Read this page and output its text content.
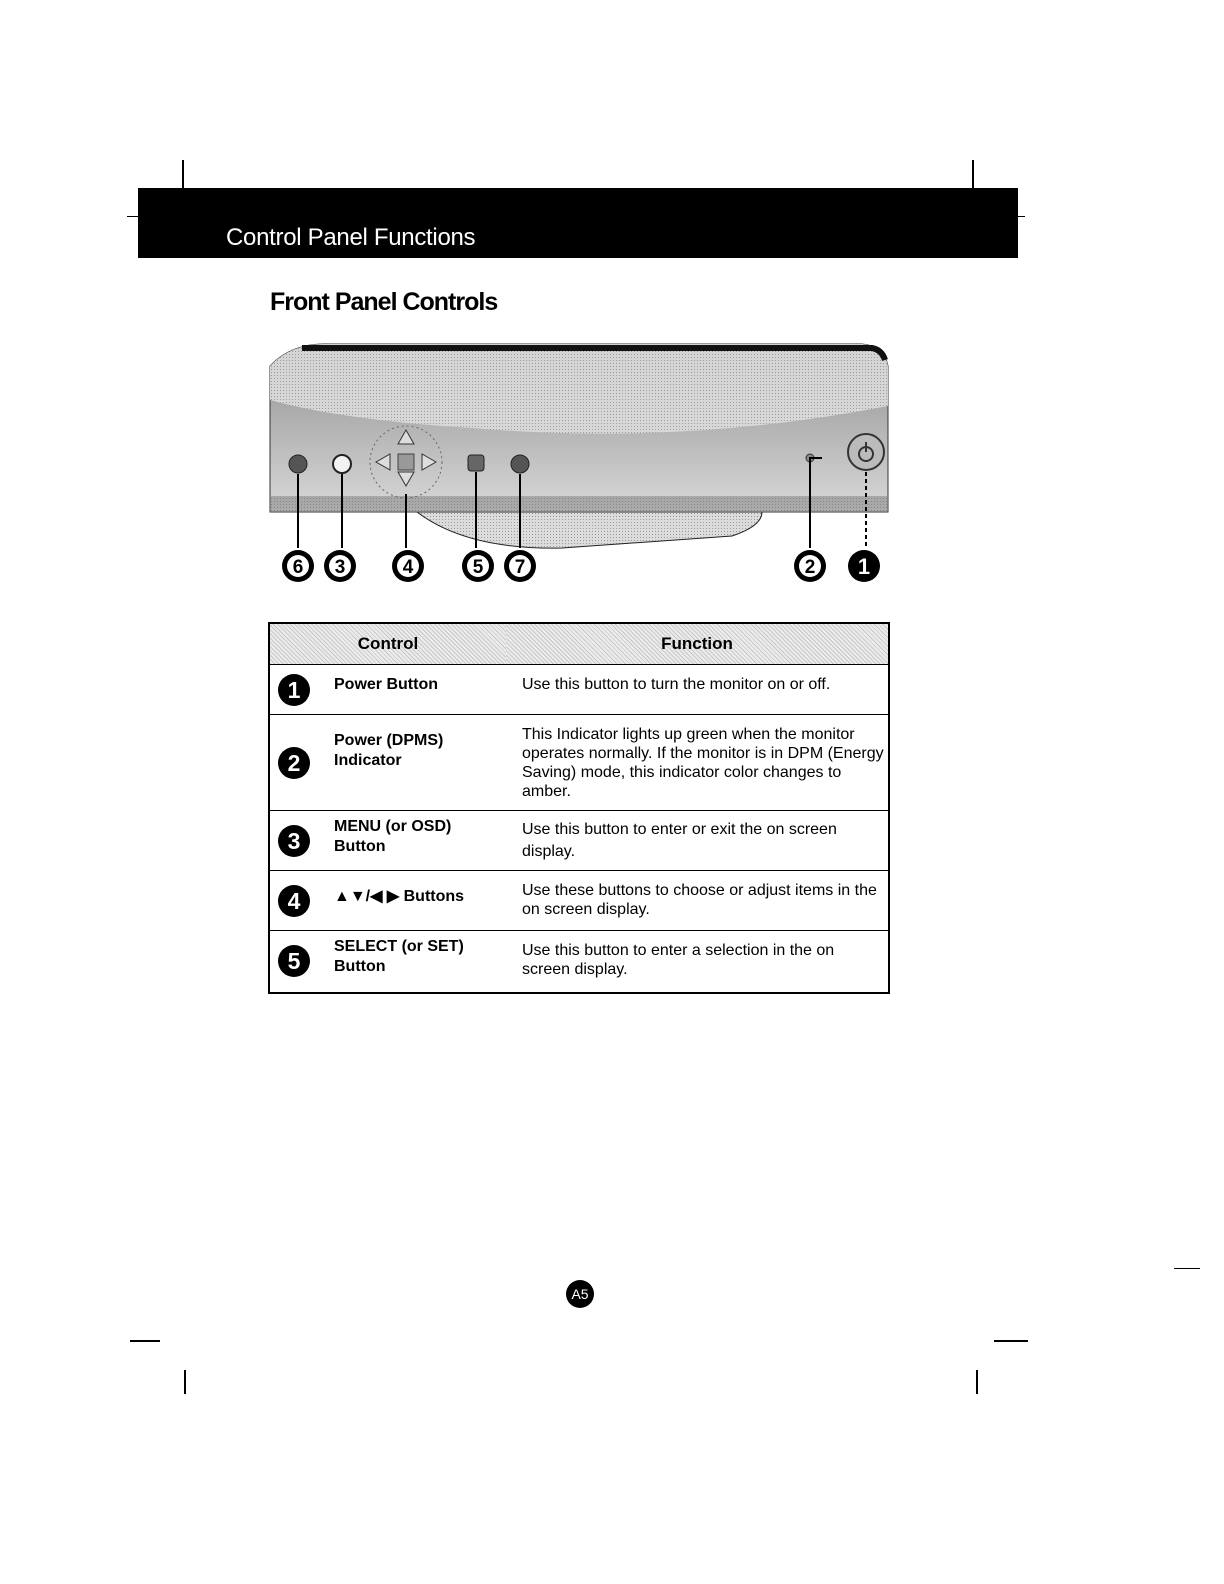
Control Panel Functions
Front Panel Controls
6 3	4	5 7	2 1
Control		Function
1	Power Button	Use this button to turn the monitor on or off.
2	Power (DPMS) Indicator	This Indicator lights up green when the monitor operates normally. If the monitor is in DPM (Energy Saving) mode, this indicator color changes to amber.
3	MENU (or OSD) Button	Use this button to enter or exit the on screen display.
4	▲▼/◀ ▶ Buttons	Use these buttons to choose or adjust items in the on screen display.
5	SELECT (or SET) Button	Use this button to enter a selection in the on screen display.
A5
